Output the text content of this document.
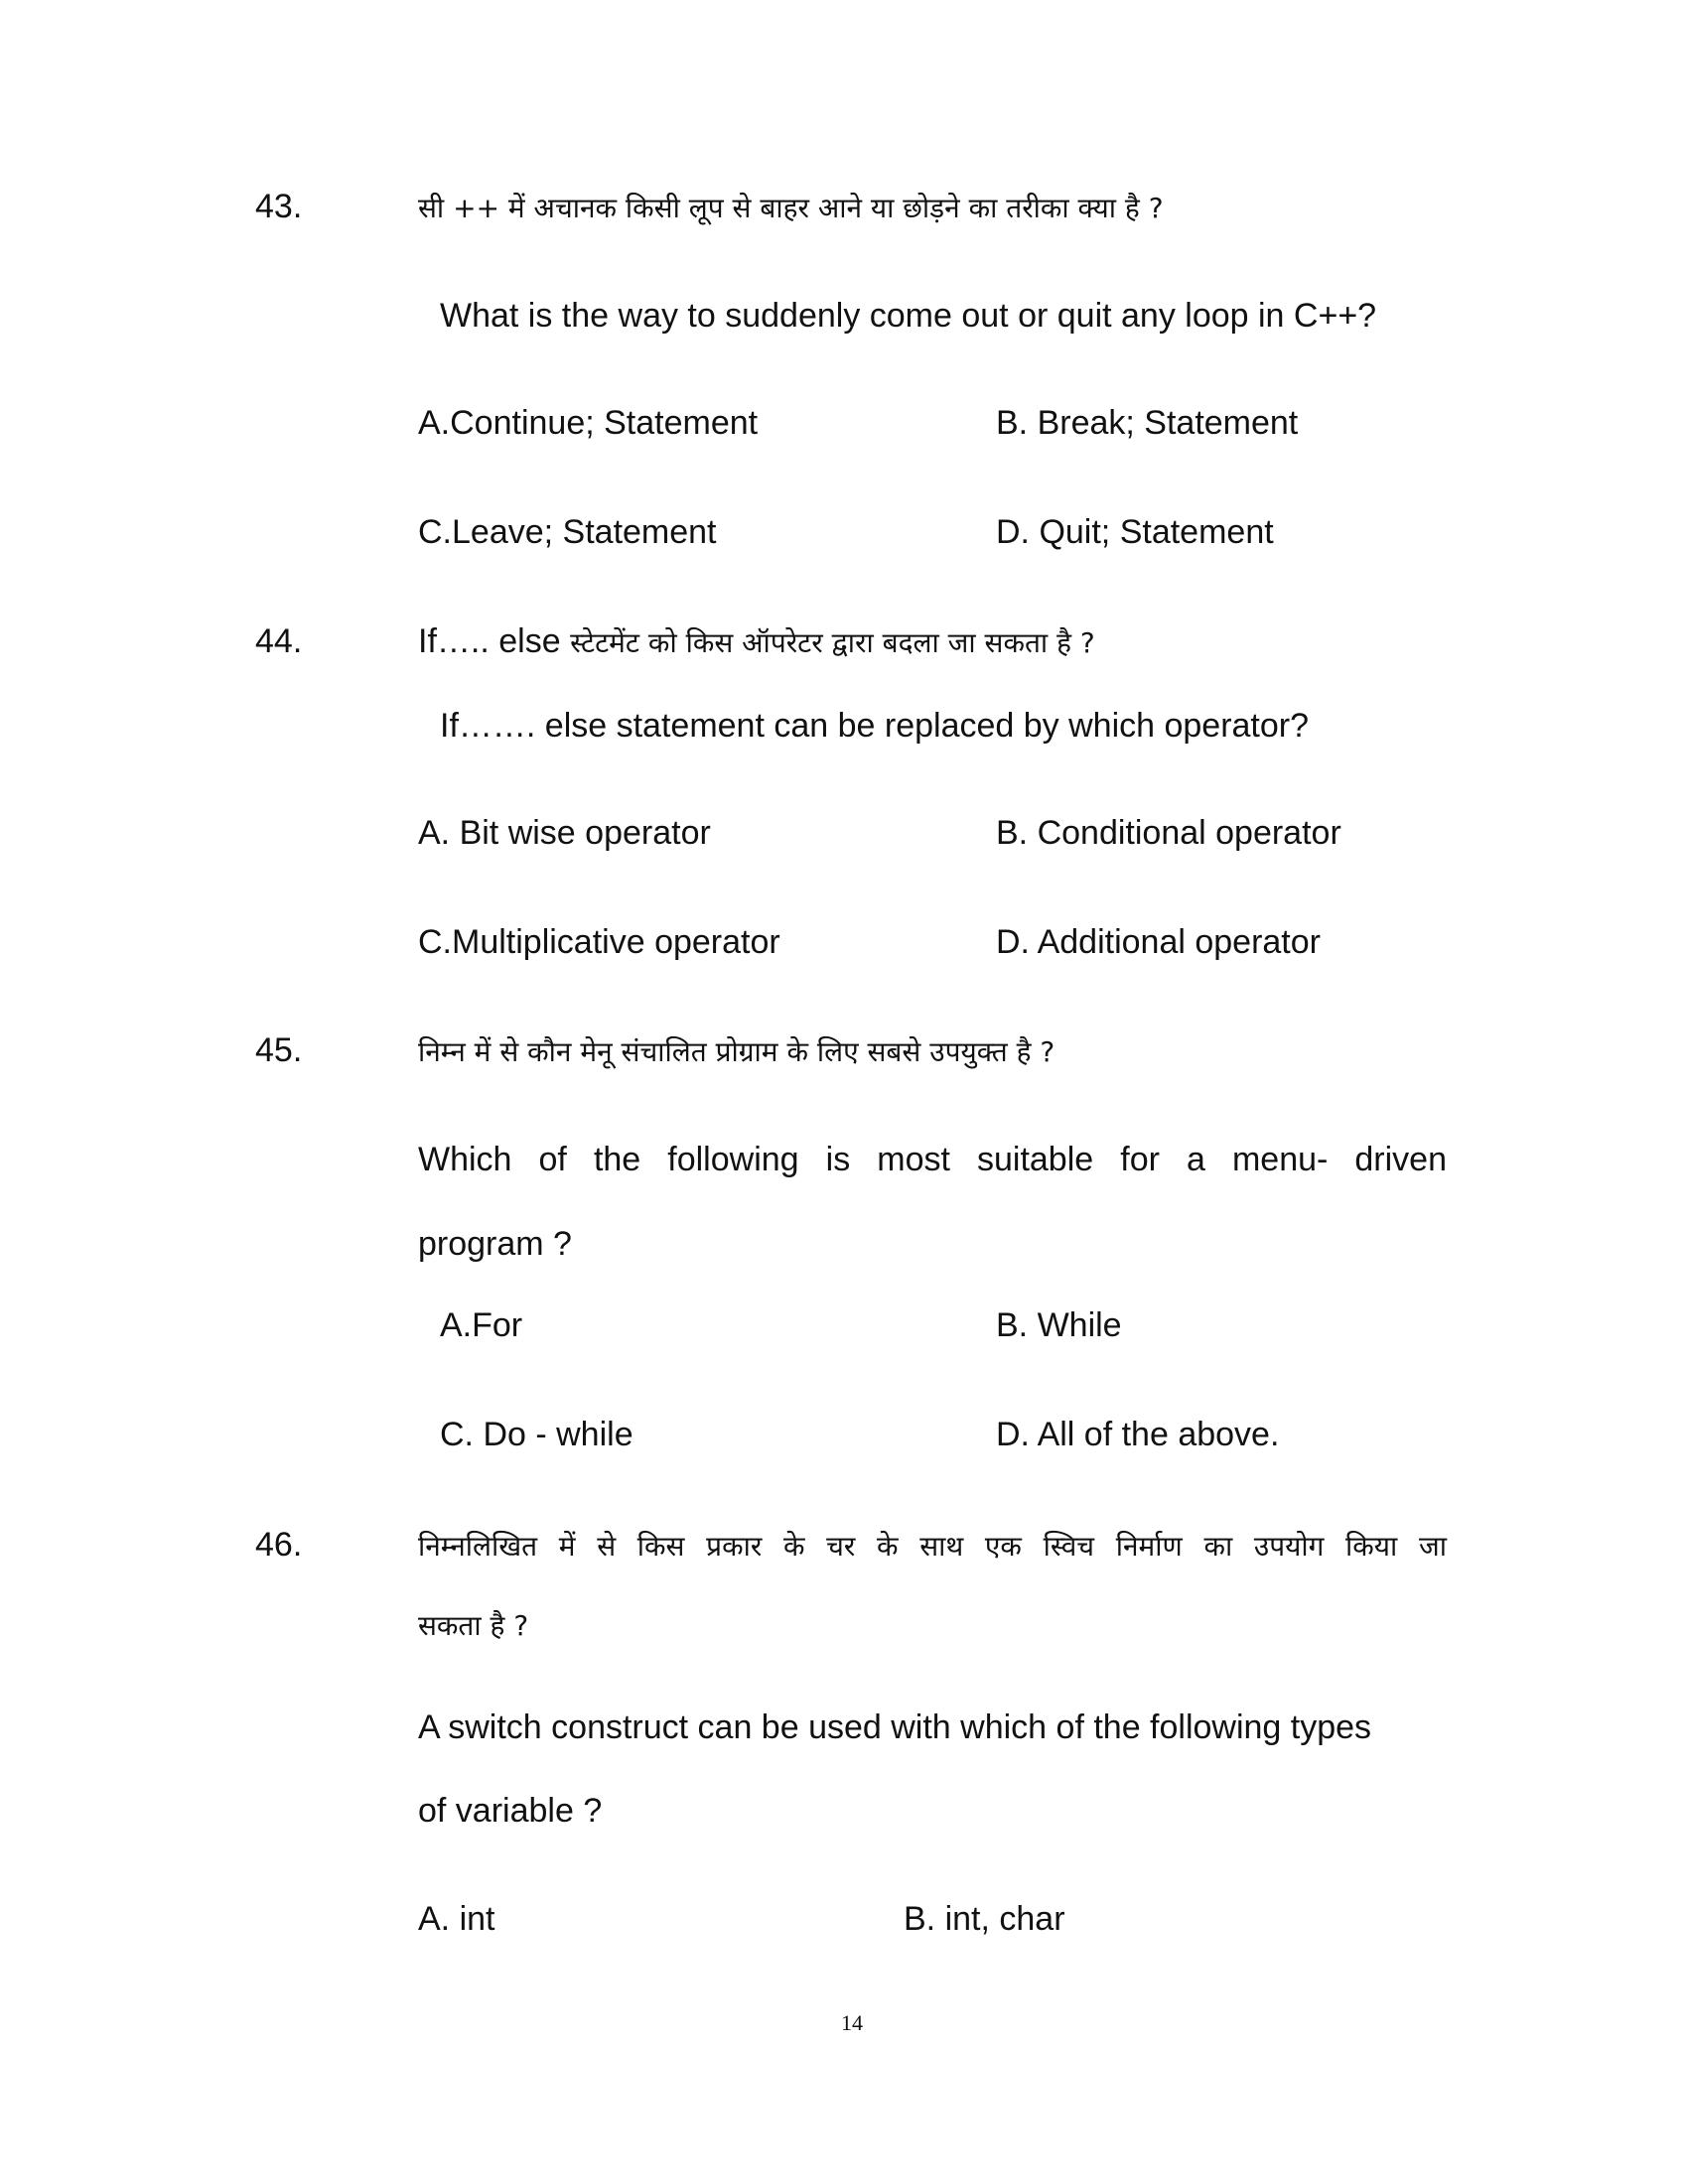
43.	सी ++ में अचानक किसी लूप से बाहर आने या छोड़ने का तरीका क्या है ?
What is the way to suddenly come out or quit any loop in C++?
A.Continue; Statement	B. Break; Statement
C.Leave; Statement	D. Quit; Statement
44.	If….. else स्टेटमेंट को किस ऑपरेटर द्वारा बदला जा सकता है ?
If……. else statement can be replaced by which operator?
A. Bit wise operator	B. Conditional operator
C.Multiplicative operator	D. Additional operator
45.	निम्न में से कौन मेनू संचालित प्रोग्राम के लिए सबसे उपयुक्त है ?
Which of the following is most suitable for a menu- driven
program ?
A.For	B. While
C. Do - while	D. All of the above.
46.	निम्नलिखित में से किस प्रकार के चर के साथ एक स्विच निर्माण का उपयोग किया जा
सकता है ?
A switch construct can be used with which of the following types
of variable ?
A. int	B. int, char
14
